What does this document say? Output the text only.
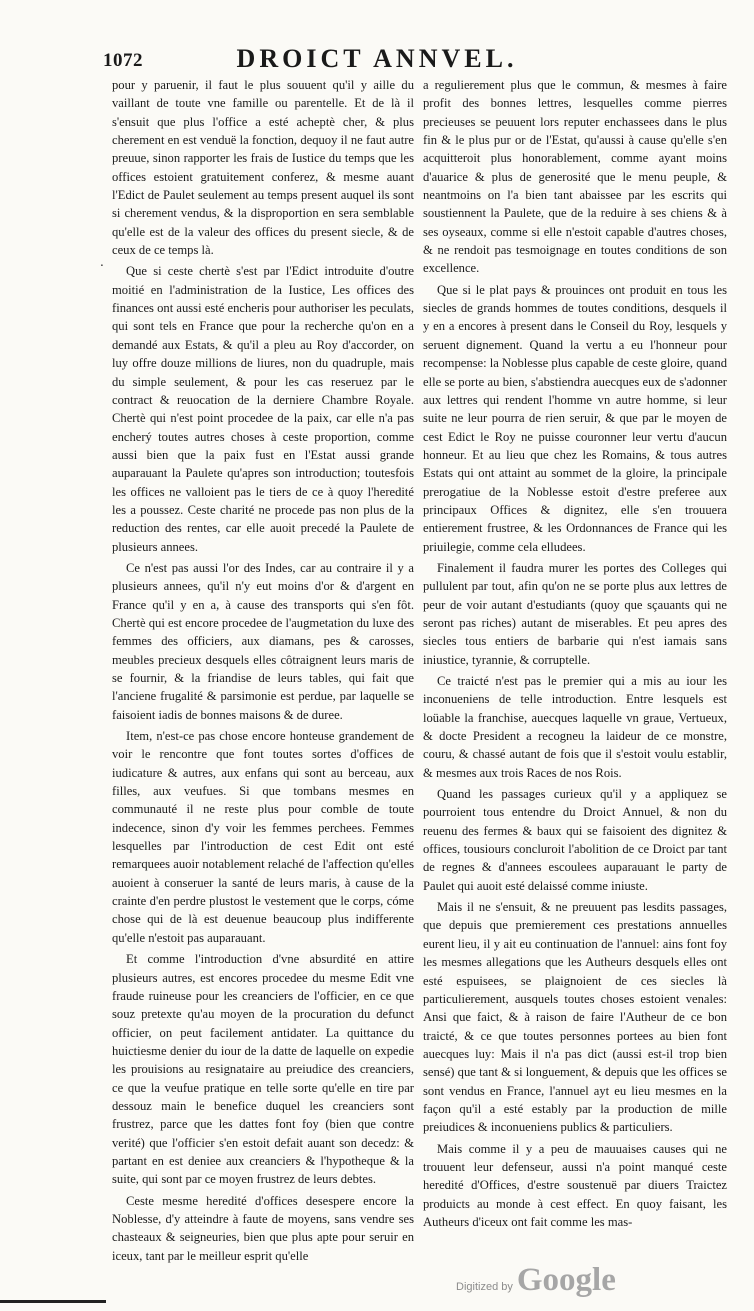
1072	DROICT ANNVEL.
.

pour y paruenir, il faut le plus souuent qu'il y aille du vaillant de toute vne famille ou parentelle. Et de là il s'ensuit que plus l'office a esté acheptè cher, & plus cherement en est venduë la fonction, dequoy il ne faut autre preuue, sinon rapporter les frais de Iustice du temps que les offices estoient gratuitement conferez, & mesme auant l'Edict de Paulet seulement au temps present auquel ils sont si cherement vendus, & la disproportion en sera semblable qu'elle est de la valeur des offices du present siecle, & de ceux de ce temps là.

Que si ceste chertè s'est par l'Edict introduite d'outre moitié en l'administration de la Iustice, Les offices des finances ont aussi esté encheris pour authoriser les peculats, qui sont tels en France que pour la recherche qu'on en a demandé aux Estats, & qu'il a pleu au Roy d'accorder, on luy offre douze millions de liures, non du quadruple, mais du simple seulement, & pour les cas reseruez par le contract & reuocation de la derniere Chambre Royale. Chertè qui n'est point procedee de la paix, car elle n'a pas encherý toutes autres choses à ceste proportion, comme aussi bien que la paix fust en l'Estat aussi grande auparauant la Paulete qu'apres son introduction; toutesfois les offices ne valloient pas le tiers de ce à quoy l'heredité les a poussez. Ceste charité ne procede pas non plus de la reduction des rentes, car elle auoit precedé la Paulete de plusieurs annees.

Ce n'est pas aussi l'or des Indes, car au contraire il y a plusieurs annees, qu'il n'y eut moins d'or & d'argent en France qu'il y en a, à cause des transports qui s'en fôt. Chertè qui est encore procedee de l'augmetation du luxe des femmes des officiers, aux diamans, pes & carosses, meubles precieux desquels elles côtraignent leurs maris de se fournir, & la friandise de leurs tables, qui fait que l'anciene frugalité & parsimonie est perdue, par laquelle se faisoient iadis de bonnes maisons & de duree.

Item, n'est-ce pas chose encore honteuse grandement de voir le rencontre que font toutes sortes d'offices de iudicature & autres, aux enfans qui sont au berceau, aux filles, aux veufues. Si que tombans mesmes en communauté il ne reste plus pour comble de toute indecence, sinon d'y voir les femmes perchees. Femmes lesquelles par l'introduction de cest Edit ont esté remarquees auoir notablement relaché de l'affection qu'elles auoient à conseruer la santé de leurs maris, à cause de la crainte d'en perdre plustost le vestement que le corps, cóme chose qui de là est deuenue beaucoup plus indifferente qu'elle n'estoit pas auparauant.

Et comme l'introduction d'vne absurdité en attire plusieurs autres, est encores procedee du mesme Edit vne fraude ruineuse pour les creanciers de l'officier, en ce que souz pretexte qu'au moyen de la procuration du defunct officier, on peut facilement antidater. La quittance du huictiesme denier du iour de la datte de laquelle on expedie les prouisions au resignataire au preiudice des creanciers, ce que la veufue pratique en telle sorte qu'elle en tire par dessouz main le benefice duquel les creanciers sont frustrez, parce que les dattes font foy (bien que contre verité) que l'officier s'en estoit defait auant son decedz: & partant en est deniee aux creanciers & l'hypotheque & la suite, qui sont par ce moyen frustrez de leurs debtes.

Ceste mesme heredité d'offices desespere encore la Noblesse, d'y atteindre à faute de moyens, sans vendre ses chasteaux & seigneuries, bien que plus apte pour seruir en iceux, tant par le meilleur esprit qu'elle

a regulierement plus que le commun, & mesmes à faire profit des bonnes lettres, lesquelles comme pierres precieuses se peuuent lors reputer enchassees dans le plus fin & le plus pur or de l'Estat, qu'aussi à cause qu'elle s'en acquitteroit plus honorablement, comme ayant moins d'auarice & plus de generosité que le menu peuple, & neantmoins on l'a bien tant abaissee par les escrits qui soustiennent la Paulete, que de la reduire à ses chiens & à ses oyseaux, comme si elle n'estoit capable d'autres choses, & ne rendoit pas tesmoignage en toutes conditions de son excellence.

Que si le plat pays & prouinces ont produit en tous les siecles de grands hommes de toutes conditions, desquels il y en a encores à present dans le Conseil du Roy, lesquels y seruent dignement. Quand la vertu a eu l'honneur pour recompense: la Noblesse plus capable de ceste gloire, quand elle se porte au bien, s'abstiendra auecques eux de s'adonner aux lettres qui rendent l'homme vn autre homme, si leur suite ne leur pourra de rien seruir, & que par le moyen de cest Edict le Roy ne puisse couronner leur vertu d'aucun honneur. Et au lieu que chez les Romains, & tous autres Estats qui ont attaint au sommet de la gloire, la principale prerogatiue de la Noblesse estoit d'estre preferee aux principaux Offices & dignitez, elle s'en trouuera entierement frustree, & les Ordonnances de France qui les priuilegie, comme cela elludees.

Finalement il faudra murer les portes des Colleges qui pullulent par tout, afin qu'on ne se porte plus aux lettres de peur de voir autant d'estudiants (quoy que sçauants qui ne seront pas riches) autant de miserables. Et peu apres des siecles tous entiers de barbarie qui n'est iamais sans iniustice, tyrannie, & corruptelle.

Ce traicté n'est pas le premier qui a mis au iour les inconueniens de telle introduction. Entre lesquels est loüable la franchise, auecques laquelle vn graue, Vertueux, & docte President a recogneu la laideur de ce monstre, couru, & chassé autant de fois que il s'estoit voulu establir, & mesmes aux trois Races de nos Rois.

Quand les passages curieux qu'il y a appliquez se pourroient tous entendre du Droict Annuel, & non du reuenu des fermes & baux qui se faisoient des dignitez & offices, tousiours concluroit l'abolition de ce Droict par tant de regnes & d'annees escoulees auparauant le party de Paulet qui auoit esté delaissé comme iniuste.

Mais il ne s'ensuit, & ne preuuent pas lesdits passages, que depuis que premierement ces prestations annuelles eurent lieu, il y ait eu continuation de l'annuel: ains font foy les mesmes allegations que les Autheurs desquels elles ont esté espuisees, se plaignoient de ces siecles là particulierement, ausquels toutes choses estoient venales: Ansi que faict, & à raison de faire l'Autheur de ce bon traicté, & ce que toutes personnes portees au bien font auecques luy: Mais il n'a pas dict (aussi est-il trop bien sensé) que tant & si longuement, & depuis que les offices se sont vendus en France, l'annuel ayt eu lieu mesmes en la façon qu'il a esté estably par la production de mille preiudices & inconueniens publics & particuliers.

Mais comme il y a peu de mauuaises causes qui ne trouuent leur defenseur, aussi n'a point manqué ceste heredité d'Offices, d'estre soustenuë par diuers Traictez produicts au monde à cest effect. En quoy faisant, les Autheurs d'iceux ont fait comme les mas-

Digitized by Google
